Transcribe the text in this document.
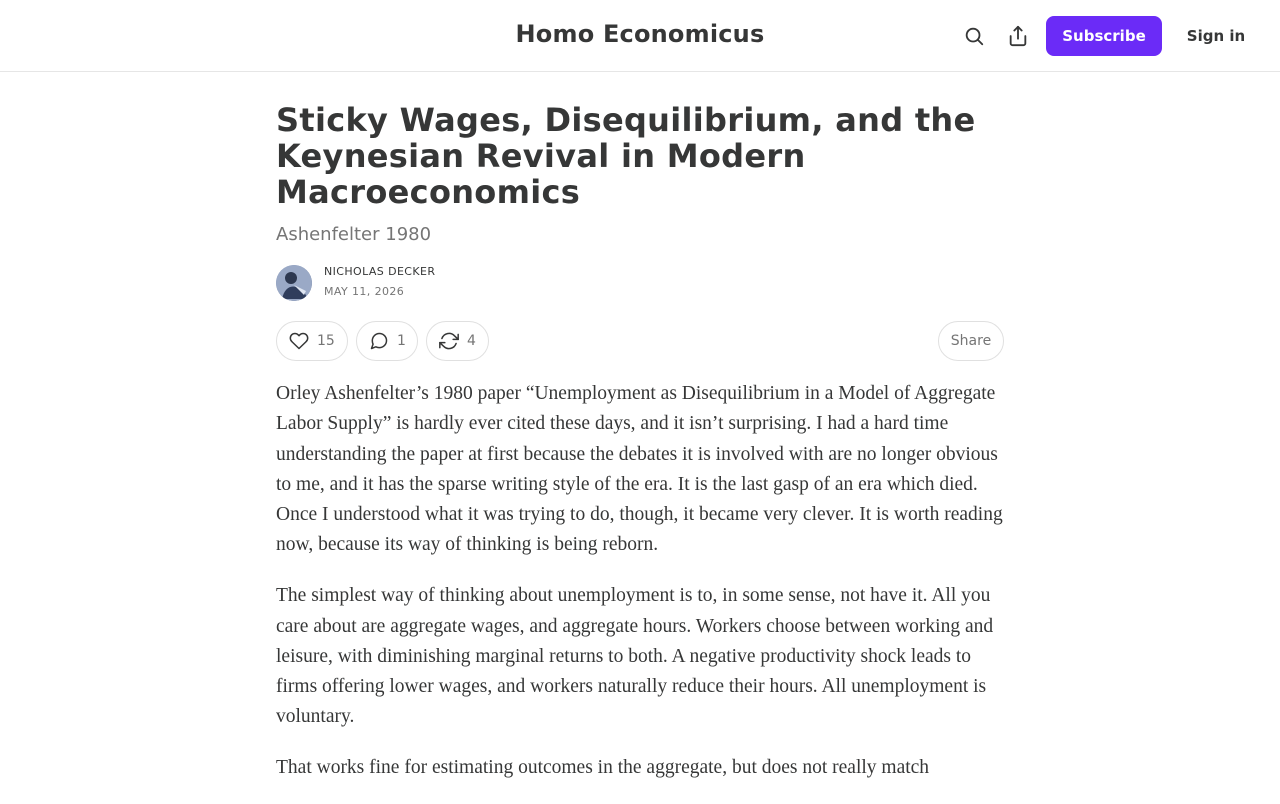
Homo Economicus	Subscribe	Sign in
Sticky Wages, Disequilibrium, and the Keynesian Revival in Modern Macroeconomics
Ashenfelter 1980
NICHOLAS DECKER
MAY 11, 2026
15	1	4	Share

Orley Ashenfelter’s 1980 paper “Unemployment as Disequilibrium in a Model of Aggregate Labor Supply” is hardly ever cited these days, and it isn’t surprising. I had a hard time understanding the paper at first because the debates it is involved with are no longer obvious to me, and it has the sparse writing style of the era. It is the last gasp of an era which died. Once I understood what it was trying to do, though, it became very clever. It is worth reading now, because its way of thinking is being reborn.

The simplest way of thinking about unemployment is to, in some sense, not have it. All you care about are aggregate wages, and aggregate hours. Workers choose between working and leisure, with diminishing marginal returns to both. A negative productivity shock leads to firms offering lower wages, and workers naturally reduce their hours. All unemployment is voluntary.

That works fine for estimating outcomes in the aggregate, but does not really match
